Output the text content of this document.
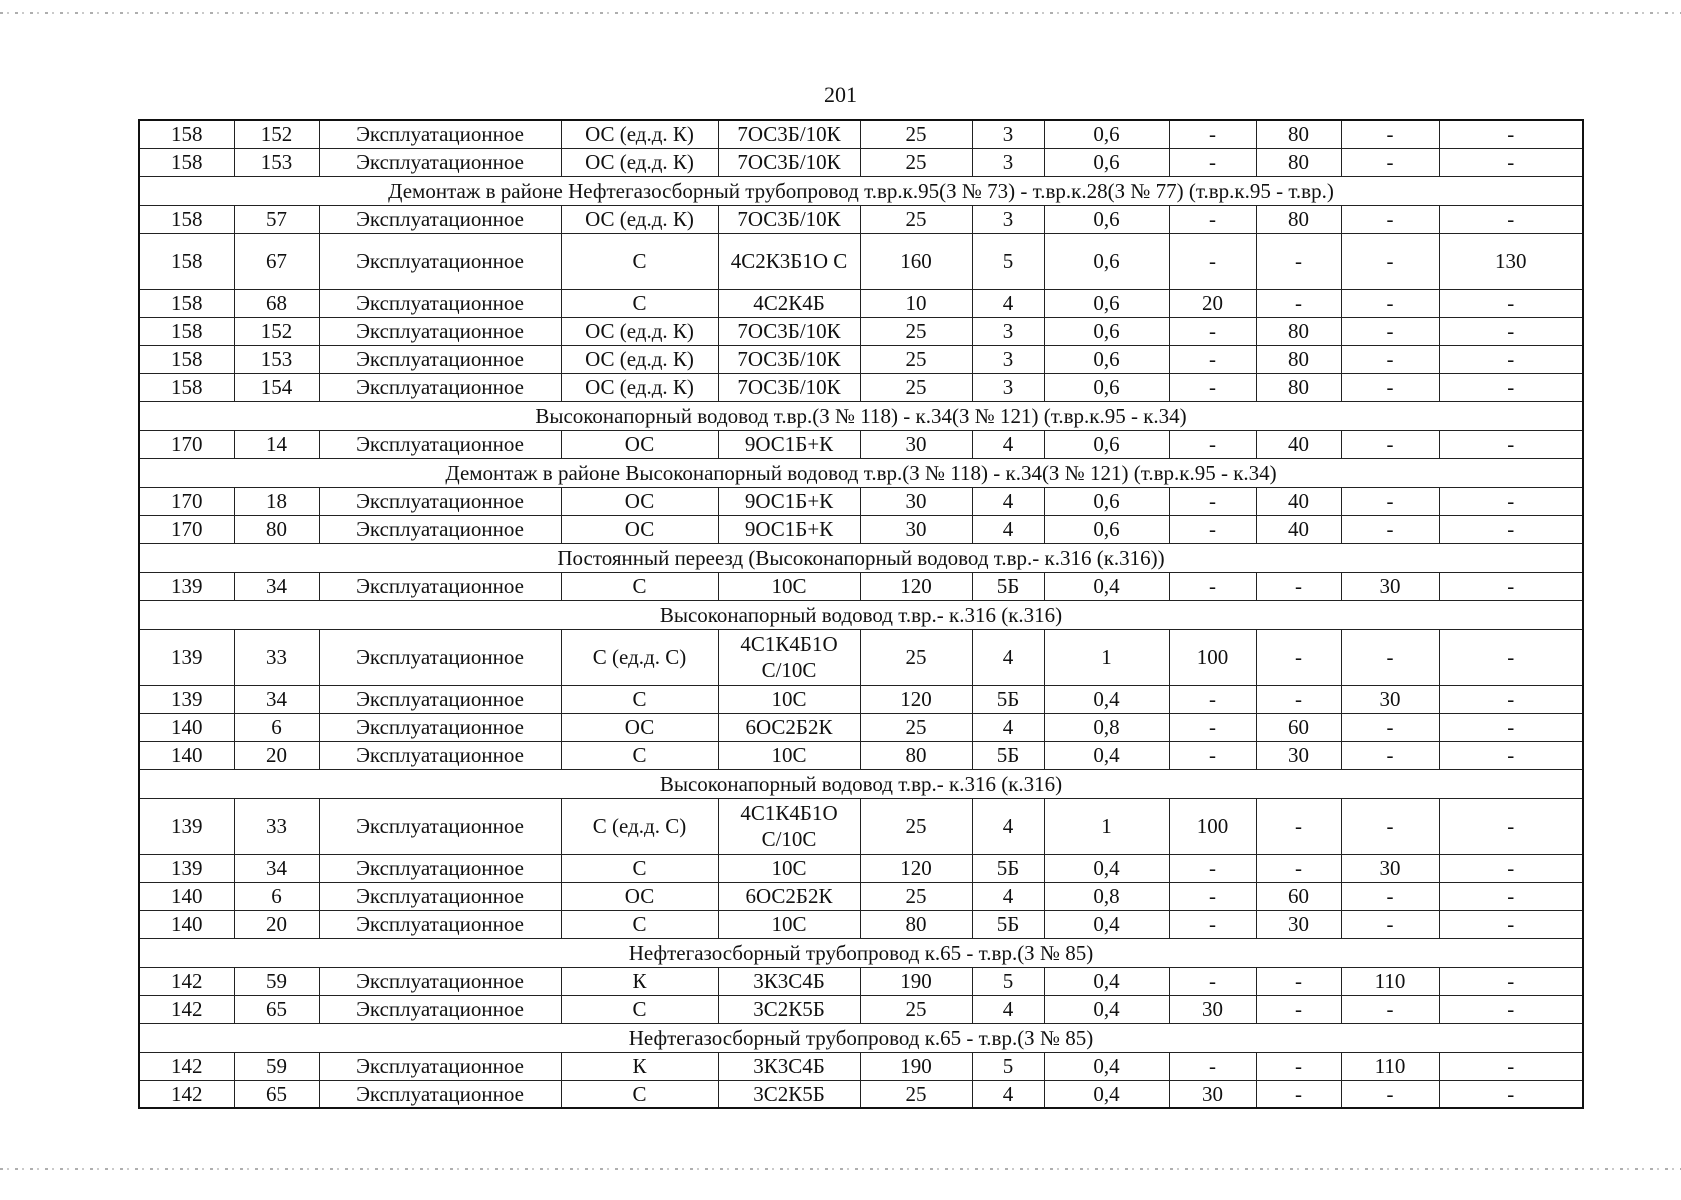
201
158	152	Эксплуатационное	ОС (ед.д. К)	7ОС3Б/10К	25	3	0,6	-	80	-	-
158	153	Эксплуатационное	ОС (ед.д. К)	7ОС3Б/10К	25	3	0,6	-	80	-	-
Демонтаж в районе Нефтегазосборный трубопровод т.вр.к.95(З № 73) - т.вр.к.28(З № 77) (т.вр.к.95 - т.вр.)											
158	57	Эксплуатационное	ОС (ед.д. К)	7ОС3Б/10К	25	3	0,6	-	80	-	-
158	67	Эксплуатационное	С	4С2К3Б1О С	160	5	0,6	-	-	-	130
158	68	Эксплуатационное	С	4С2К4Б	10	4	0,6	20	-	-	-
158	152	Эксплуатационное	ОС (ед.д. К)	7ОС3Б/10К	25	3	0,6	-	80	-	-
158	153	Эксплуатационное	ОС (ед.д. К)	7ОС3Б/10К	25	3	0,6	-	80	-	-
158	154	Эксплуатационное	ОС (ед.д. К)	7ОС3Б/10К	25	3	0,6	-	80	-	-
Высоконапорный водовод т.вр.(З № 118) - к.34(З № 121) (т.вр.к.95 - к.34)											
170	14	Эксплуатационное	ОС	9ОС1Б+К	30	4	0,6	-	40	-	-
Демонтаж в районе Высоконапорный водовод т.вр.(З № 118) - к.34(З № 121) (т.вр.к.95 - к.34)											
170	18	Эксплуатационное	ОС	9ОС1Б+К	30	4	0,6	-	40	-	-
170	80	Эксплуатационное	ОС	9ОС1Б+К	30	4	0,6	-	40	-	-
Постоянный переезд (Высоконапорный водовод т.вр.- к.316 (к.316))											
139	34	Эксплуатационное	С	10С	120	5Б	0,4	-	-	30	-
Высоконапорный водовод т.вр.- к.316 (к.316)											
139	33	Эксплуатационное	С (ед.д. С)	4С1К4Б1О С/10С	25	4	1	100	-	-	-
139	34	Эксплуатационное	С	10С	120	5Б	0,4	-	-	30	-
140	6	Эксплуатационное	ОС	6ОС2Б2К	25	4	0,8	-	60	-	-
140	20	Эксплуатационное	С	10С	80	5Б	0,4	-	30	-	-
Высоконапорный водовод т.вр.- к.316 (к.316)											
139	33	Эксплуатационное	С (ед.д. С)	4С1К4Б1О С/10С	25	4	1	100	-	-	-
139	34	Эксплуатационное	С	10С	120	5Б	0,4	-	-	30	-
140	6	Эксплуатационное	ОС	6ОС2Б2К	25	4	0,8	-	60	-	-
140	20	Эксплуатационное	С	10С	80	5Б	0,4	-	30	-	-
Нефтегазосборный трубопровод к.65 - т.вр.(З № 85)											
142	59	Эксплуатационное	К	3К3С4Б	190	5	0,4	-	-	110	-
142	65	Эксплуатационное	С	3С2К5Б	25	4	0,4	30	-	-	-
Нефтегазосборный трубопровод к.65 - т.вр.(З № 85)											
142	59	Эксплуатационное	К	3К3С4Б	190	5	0,4	-	-	110	-
142	65	Эксплуатационное	С	3С2К5Б	25	4	0,4	30	-	-	-
